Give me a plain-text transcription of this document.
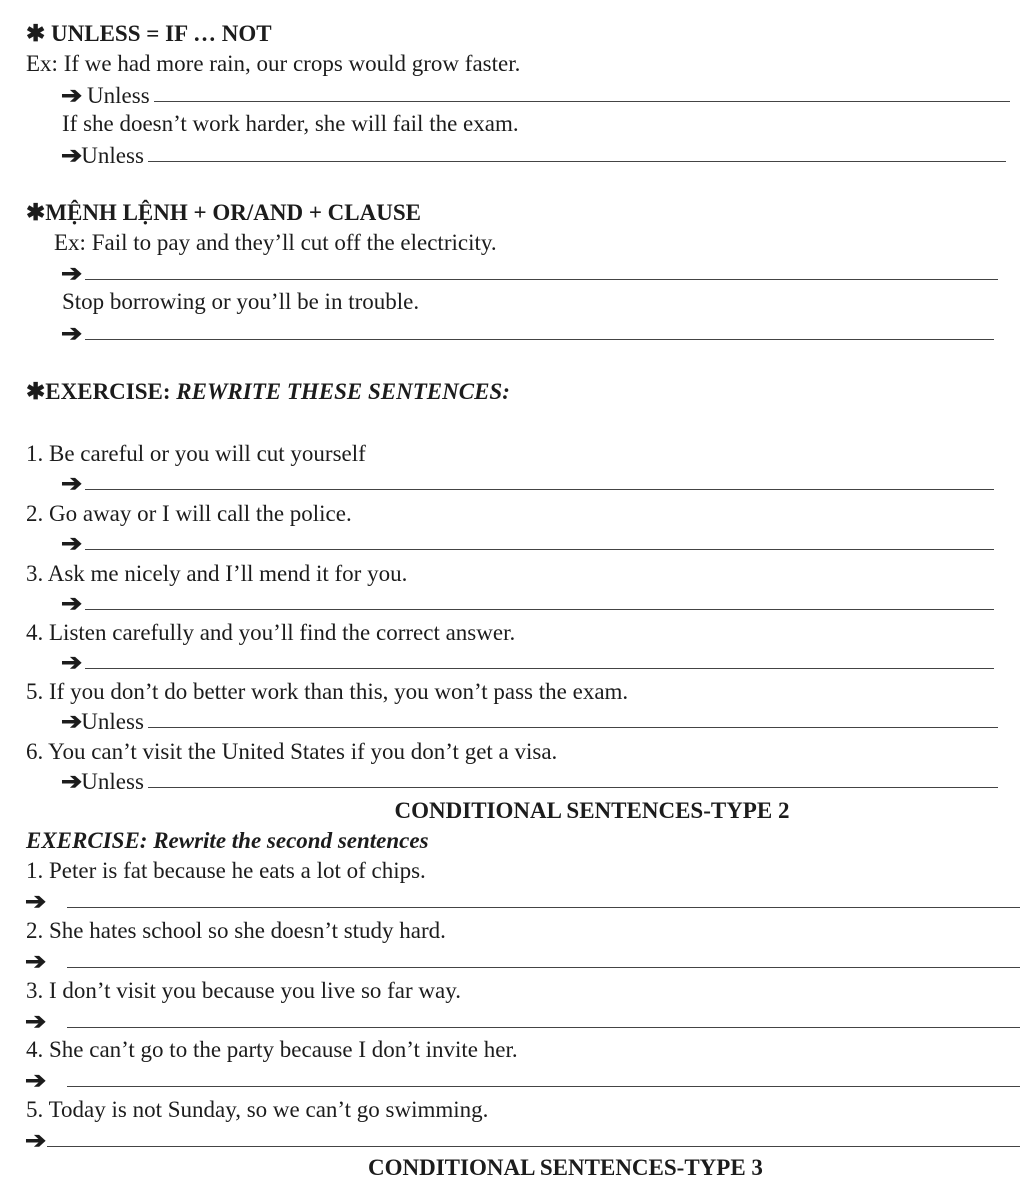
✱ UNLESS = IF … NOT
Ex: If we had more rain, our crops would grow faster.
➔ Unless
If she doesn’t work harder, she will fail the exam.
➔Unless
✱MỆNH LỆNH + OR/AND + CLAUSE
Ex: Fail to pay and they’ll cut off the electricity.
➔
Stop borrowing or you’ll be in trouble.
➔
✱EXERCISE: REWRITE THESE SENTENCES:
1. Be careful or you will cut yourself
➔
2. Go away or I will call the police.
➔
3. Ask me nicely and I’ll mend it for you.
➔
4. Listen carefully and you’ll find the correct answer.
➔
5. If you don’t do better work than this, you won’t pass the exam.
➔Unless
6. You can’t visit the United States if you don’t get a visa.
➔Unless
CONDITIONAL SENTENCES-TYPE 2
EXERCISE: Rewrite the second sentences
1. Peter is fat because he eats a lot of chips.
➔
2. She hates school so she doesn’t study hard.
➔
3. I don’t visit you because you live so far way.
➔
4. She can’t go to the party because I don’t invite her.
➔
5. Today is not Sunday, so we can’t go swimming.
➔
CONDITIONAL SENTENCES-TYPE 3
